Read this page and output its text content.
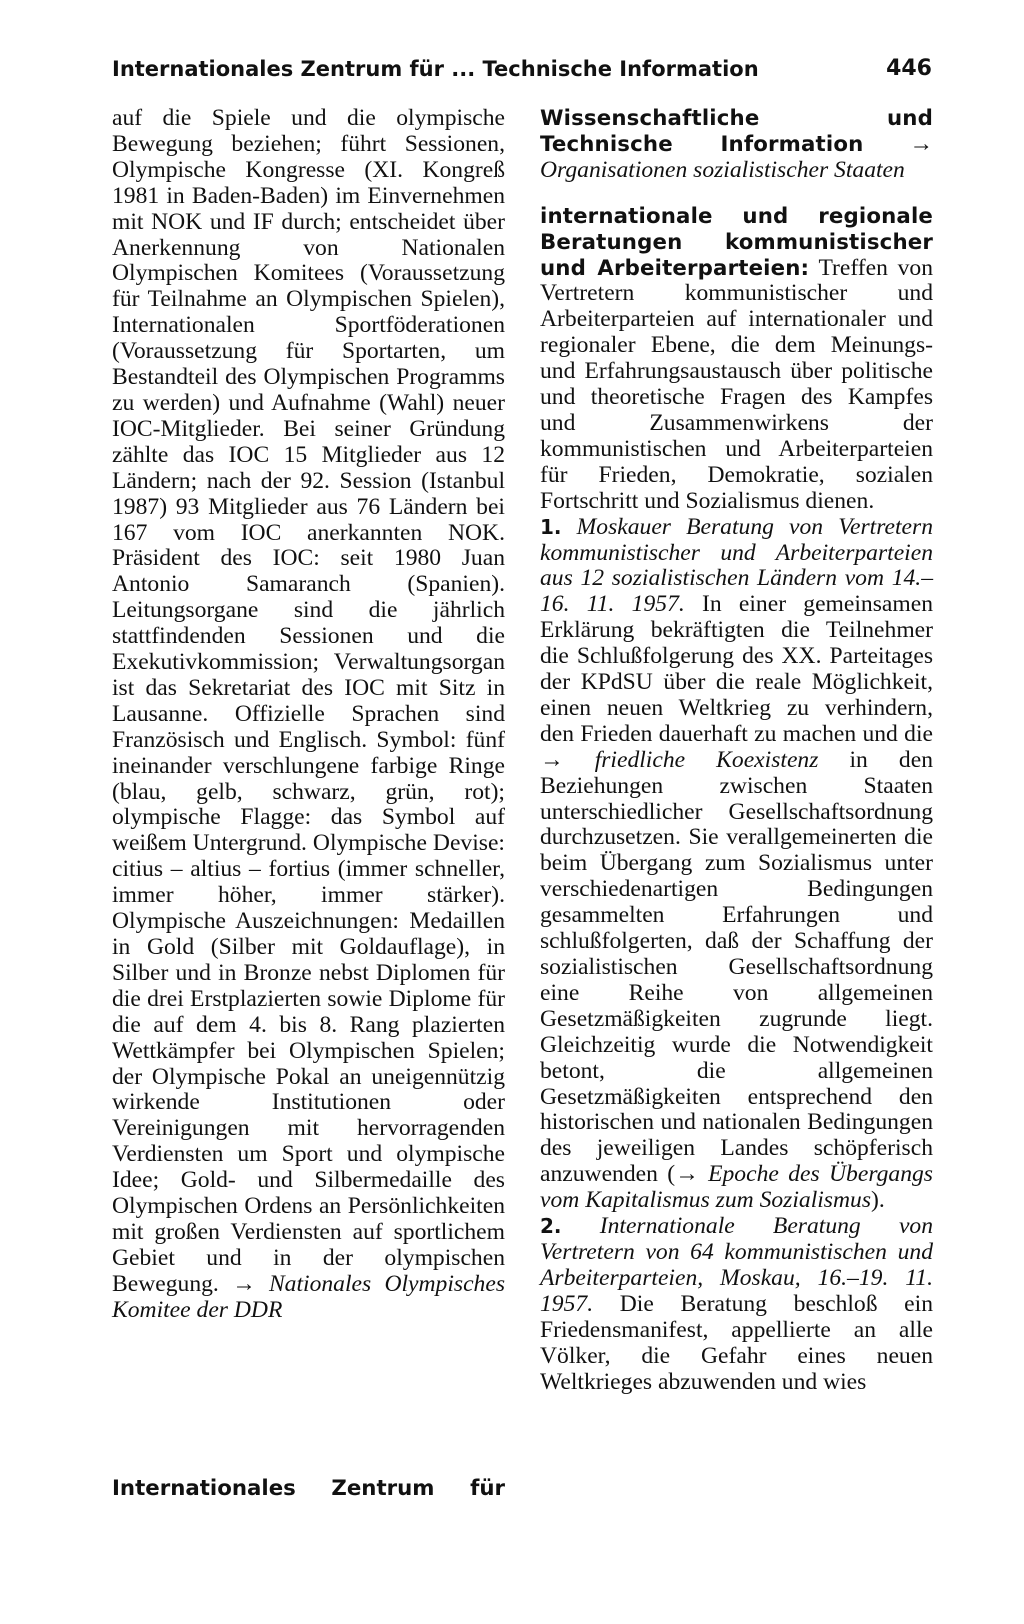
Internationales Zentrum für ... Technische Information	446

auf die Spiele und die olympische Bewegung beziehen; führt Sessionen, Olympische Kongresse (XI. Kongreß 1981 in Baden-Baden) im Einvernehmen mit NOK und IF durch; entscheidet über Anerkennung von Nationalen Olympischen Komitees (Voraussetzung für Teilnahme an Olympischen Spielen), Internationalen Sportföderationen (Voraussetzung für Sportarten, um Bestandteil des Olympischen Programms zu werden) und Aufnahme (Wahl) neuer IOC-Mitglieder. Bei seiner Gründung zählte das IOC 15 Mitglieder aus 12 Ländern; nach der 92. Session (Istanbul 1987) 93 Mitglieder aus 76 Ländern bei 167 vom IOC anerkannten NOK. Präsident des IOC: seit 1980 Juan Antonio Samaranch (Spanien). Leitungsorgane sind die jährlich stattfindenden Sessionen und die Exekutivkommission; Verwaltungsorgan ist das Sekretariat des IOC mit Sitz in Lausanne. Offizielle Sprachen sind Französisch und Englisch. Symbol: fünf ineinander verschlungene farbige Ringe (blau, gelb, schwarz, grün, rot); olympische Flagge: das Symbol auf weißem Untergrund. Olympische Devise: citius – altius – fortius (immer schneller, immer höher, immer stärker). Olympische Auszeichnungen: Medaillen in Gold (Silber mit Goldauflage), in Silber und in Bronze nebst Diplomen für die drei Erstplazierten sowie Diplome für die auf dem 4. bis 8. Rang plazierten Wettkämpfer bei Olympischen Spielen; der Olympische Pokal an uneigennützig wirkende Institutionen oder Vereinigungen mit hervorragenden Verdiensten um Sport und olympische Idee; Gold- und Silbermedaille des Olympischen Ordens an Persönlichkeiten mit großen Verdiensten auf sportlichem Gebiet und in der olympischen Bewegung. → Nationales Olympisches Komitee der DDR

Internationales Zentrum für

Wissenschaftliche und Technische Information → Organisationen sozialistischer Staaten

internationale und regionale Beratungen kommunistischer und Arbeiterparteien: Treffen von Vertretern kommunistischer und Arbeiterparteien auf internationaler und regionaler Ebene, die dem Meinungs- und Erfahrungsaustausch über politische und theoretische Fragen des Kampfes und Zusammenwirkens der kommunistischen und Arbeiterparteien für Frieden, Demokratie, sozialen Fortschritt und Sozialismus dienen.

1. Moskauer Beratung von Vertretern kommunistischer und Arbeiterparteien aus 12 sozialistischen Ländern vom 14.–16. 11. 1957. In einer gemeinsamen Erklärung bekräftigten die Teilnehmer die Schlußfolgerung des XX. Parteitages der KPdSU über die reale Möglichkeit, einen neuen Weltkrieg zu verhindern, den Frieden dauerhaft zu machen und die → friedliche Koexistenz in den Beziehungen zwischen Staaten unterschiedlicher Gesellschaftsordnung durchzusetzen. Sie verallgemeinerten die beim Übergang zum Sozialismus unter verschiedenartigen Bedingungen gesammelten Erfahrungen und schlußfolgerten, daß der Schaffung der sozialistischen Gesellschaftsordnung eine Reihe von allgemeinen Gesetzmäßigkeiten zugrunde liegt. Gleichzeitig wurde die Notwendigkeit betont, die allgemeinen Gesetzmäßigkeiten entsprechend den historischen und nationalen Bedingungen des jeweiligen Landes schöpferisch anzuwenden (→ Epoche des Übergangs vom Kapitalismus zum Sozialismus).

2. Internationale Beratung von Vertretern von 64 kommunistischen und Arbeiterparteien, Moskau, 16.–19. 11. 1957. Die Beratung beschloß ein Friedensmanifest, appellierte an alle Völker, die Gefahr eines neuen Weltkrieges abzuwenden und wies
